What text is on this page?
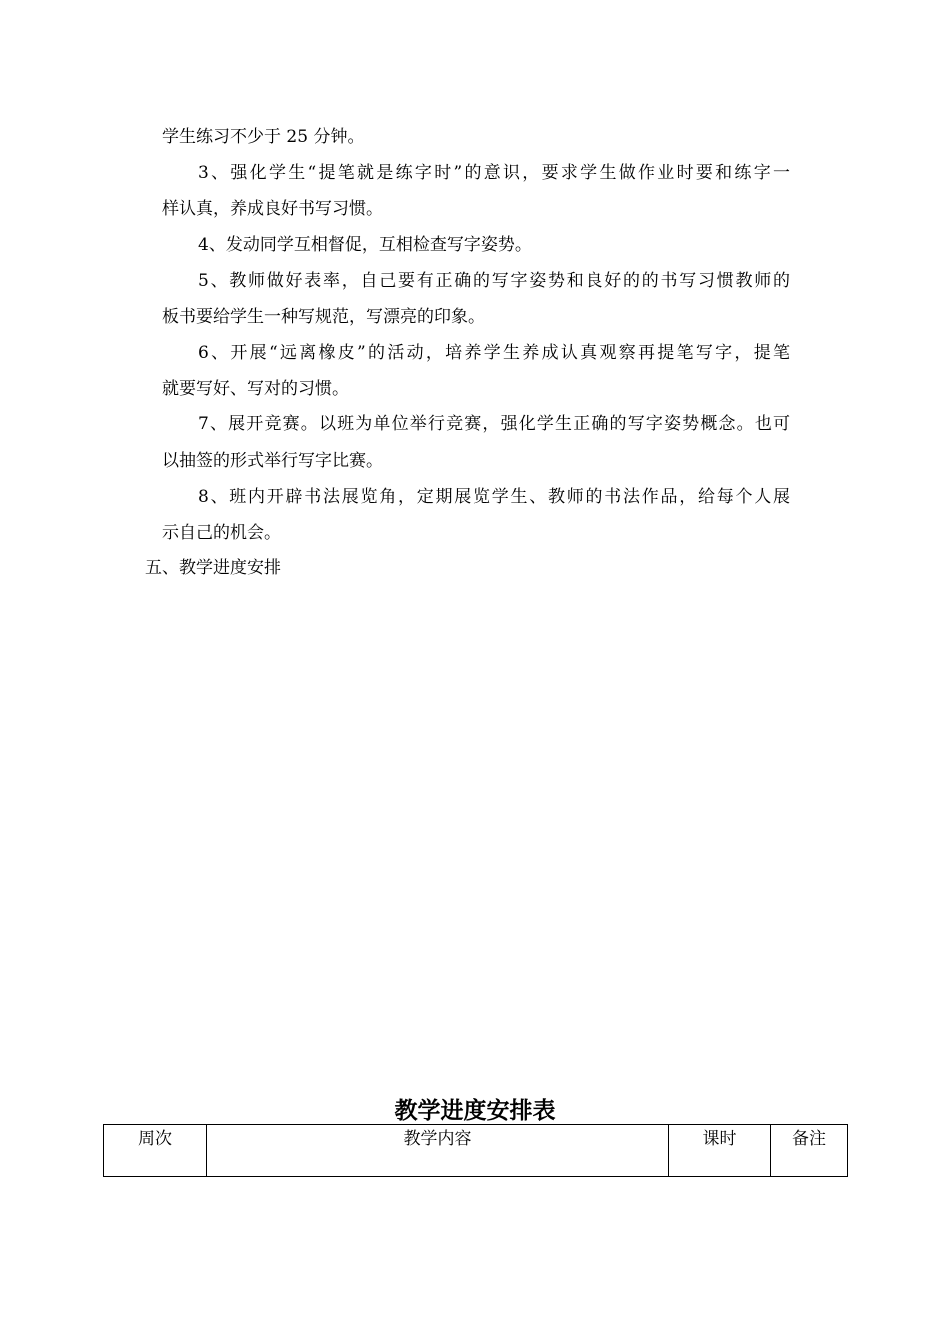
学生练习不少于 25 分钟。
3、强化学生“提笔就是练字时”的意识，要求学生做作业时要和练字一
样认真，养成良好书写习惯。
4、发动同学互相督促，互相检查写字姿势。
5、教师做好表率，自己要有正确的写字姿势和良好的的书写习惯教师的
板书要给学生一种写规范，写漂亮的印象。
6、开展“远离橡皮”的活动，培养学生养成认真观察再提笔写字，提笔
就要写好、写对的习惯。
7、展开竞赛。以班为单位举行竞赛，强化学生正确的写字姿势概念。也可
以抽签的形式举行写字比赛。
8、班内开辟书法展览角，定期展览学生、教师的书法作品，给每个人展
示自己的机会。
五、教学进度安排
教学进度安排表
周次	教学内容	课时	备注
